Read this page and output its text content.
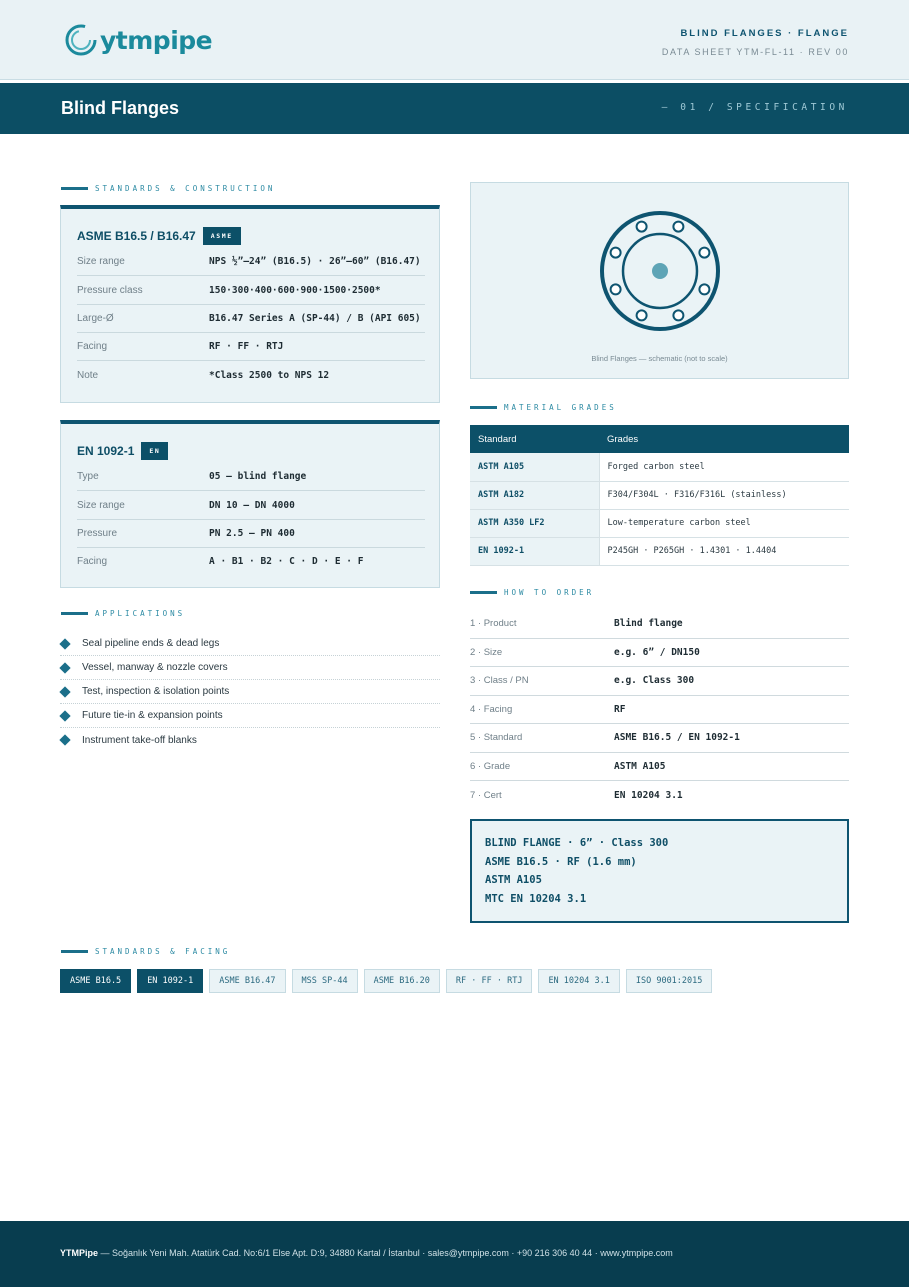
ytmpipe	BLIND FLANGES · FLANGE
DATA SHEET YTM-FL-11 · REV 00
Blind Flanges	— 01 / SPECIFICATION
STANDARDS & CONSTRUCTION
ASME B16.5 / B16.47	ASME
Size range	NPS ½”–24” (B16.5) · 26”–60” (B16.47)
Pressure class	150·300·400·600·900·1500·2500*
Large-Ø	B16.47 Series A (SP-44) / B (API 605)
Facing	RF · FF · RTJ
Note	*Class 2500 to NPS 12
EN 1092-1	EN
Type	05 — blind flange
Size range	DN 10 – DN 4000
Pressure	PN 2.5 – PN 400
Facing	A · B1 · B2 · C · D · E · F
APPLICATIONS
Seal pipeline ends & dead legs
Vessel, manway & nozzle covers
Test, inspection & isolation points
Future tie-in & expansion points
Instrument take-off blanks
Blind Flanges — schematic (not to scale)
MATERIAL GRADES
Standard	Grades
ASTM A105	Forged carbon steel
ASTM A182	F304/F304L · F316/F316L (stainless)
ASTM A350 LF2	Low-temperature carbon steel
EN 1092-1	P245GH · P265GH · 1.4301 · 1.4404
HOW TO ORDER
1 · Product	Blind flange
2 · Size	e.g. 6” / DN150
3 · Class / PN	e.g. Class 300
4 · Facing	RF
5 · Standard	ASME B16.5 / EN 1092-1
6 · Grade	ASTM A105
7 · Cert	EN 10204 3.1
BLIND FLANGE · 6” · Class 300
ASME B16.5 · RF (1.6 mm)
ASTM A105
MTC EN 10204 3.1
STANDARDS & FACING
ASME B16.5	EN 1092-1	ASME B16.47	MSS SP-44	ASME B16.20	RF · FF · RTJ	EN 10204 3.1	ISO 9001:2015
YTMPipe — Soğanlık Yeni Mah. Atatürk Cad. No:6/1 Else Apt. D:9, 34880 Kartal / İstanbul · sales@ytmpipe.com · +90 216 306 40 44 · www.ytmpipe.com
